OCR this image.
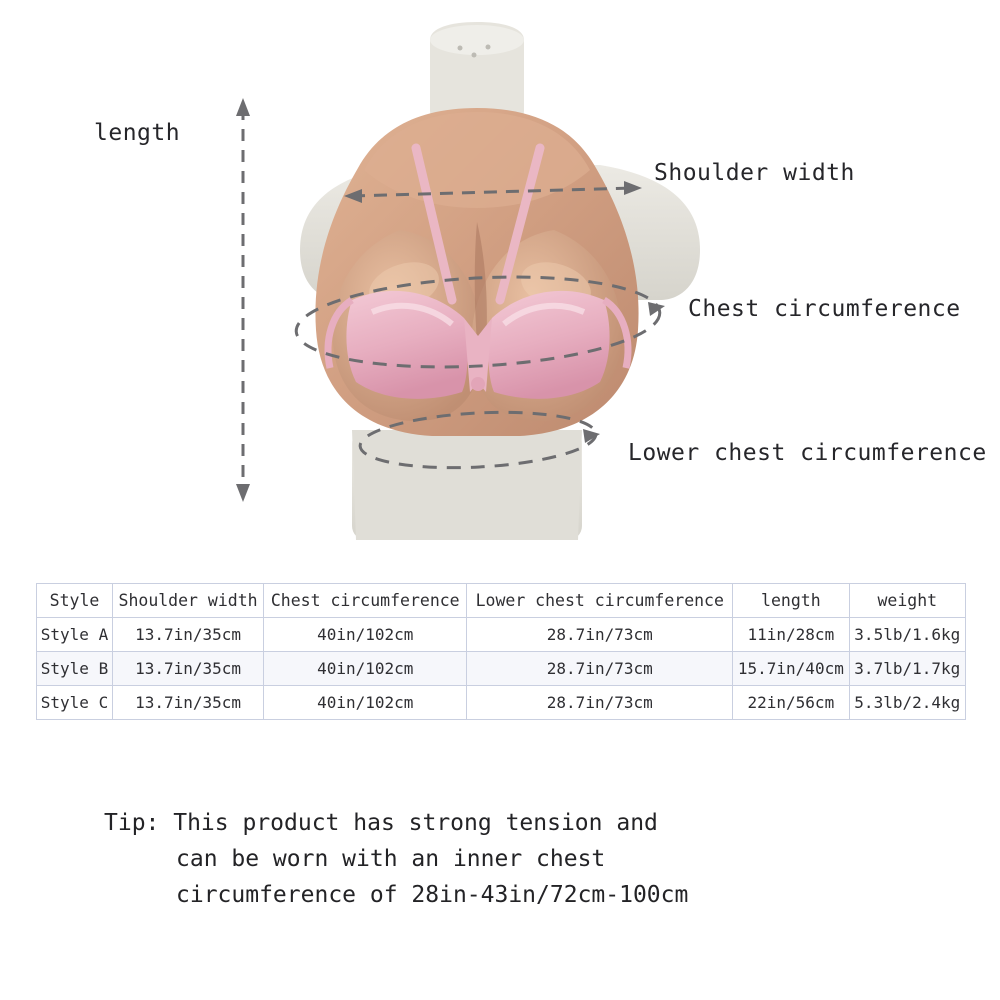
length
Shoulder width
Chest circumference
Lower chest circumference
Style	Shoulder width	Chest circumference	Lower chest circumference	length	weight
Style A	13.7in/35cm	40in/102cm	28.7in/73cm	11in/28cm	3.5lb/1.6kg
Style B	13.7in/35cm	40in/102cm	28.7in/73cm	15.7in/40cm	3.7lb/1.7kg
Style C	13.7in/35cm	40in/102cm	28.7in/73cm	22in/56cm	5.3lb/2.4kg
Tip: This product has strong tension and
can be worn with an inner chest
circumference of 28in-43in/72cm-100cm
